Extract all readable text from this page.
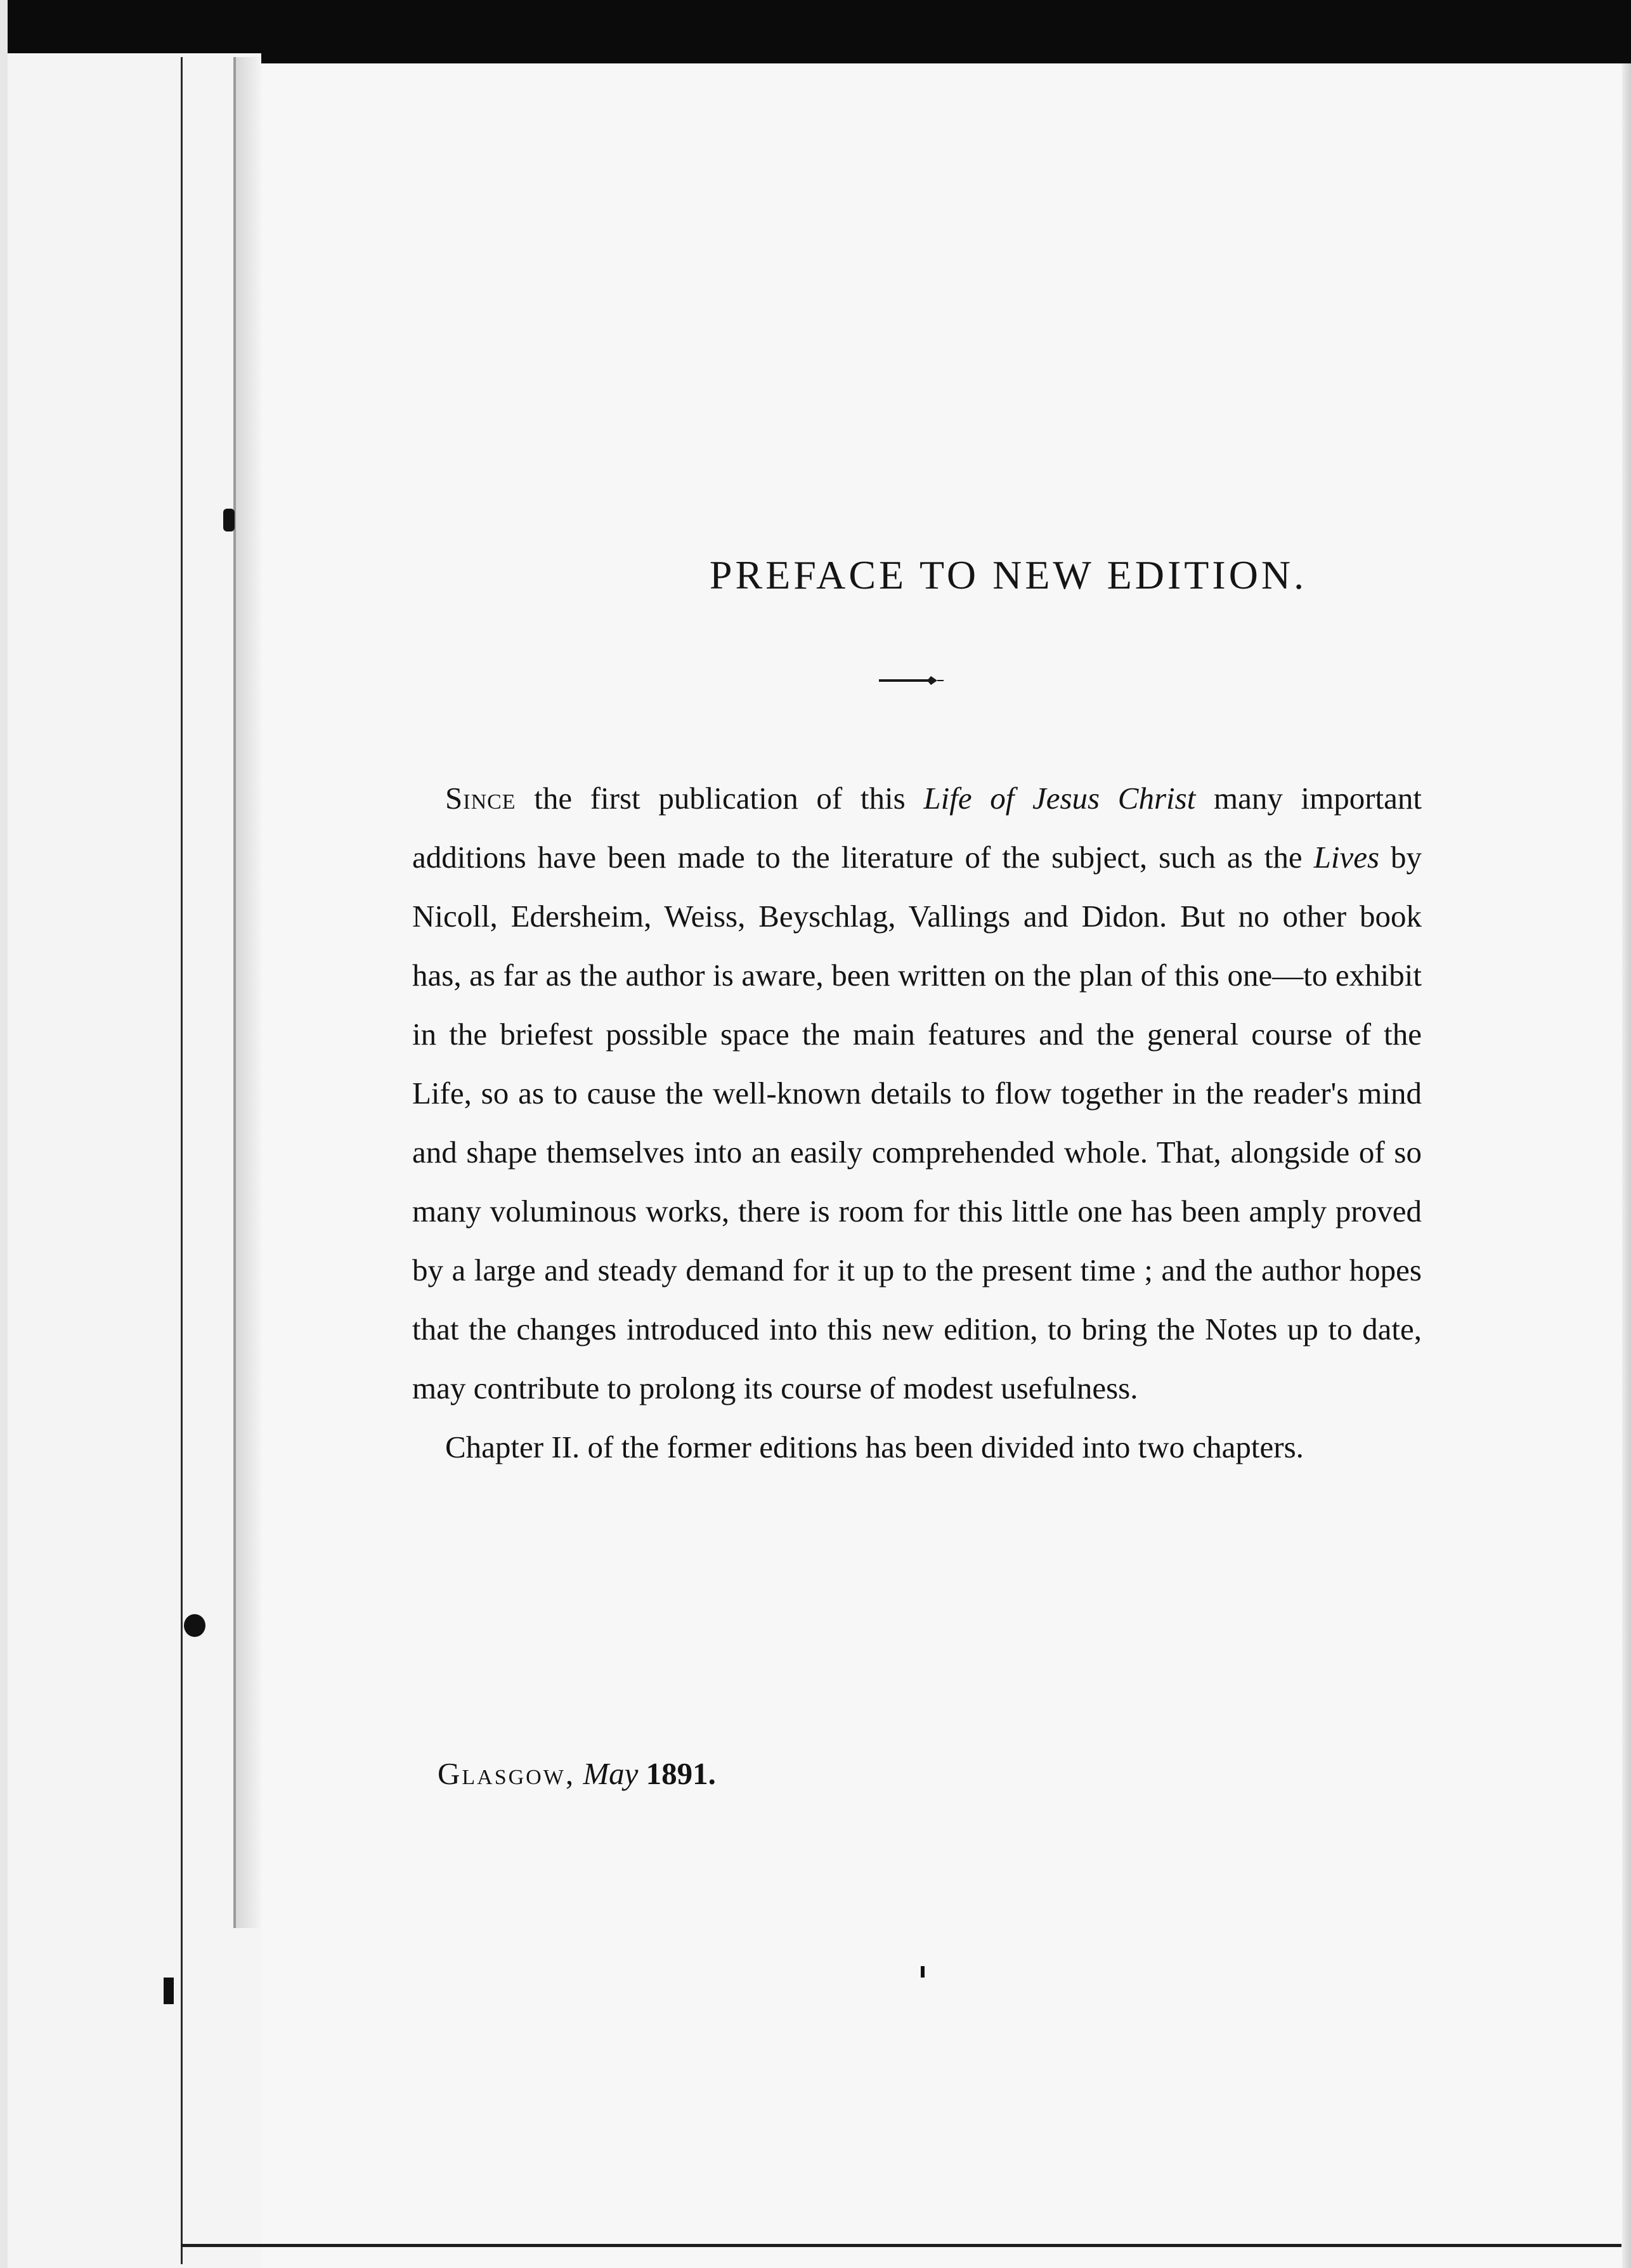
PREFACE TO NEW EDITION.

Since the first publication of this Life of Jesus Christ many important additions have been made to the literature of the subject, such as the Lives by Nicoll, Edersheim, Weiss, Beyschlag, Vallings and Didon. But no other book has, as far as the author is aware, been written on the plan of this one—to exhibit in the briefest possible space the main features and the general course of the Life, so as to cause the well-known details to flow together in the reader's mind and shape themselves into an easily comprehended whole. That, alongside of so many voluminous works, there is room for this little one has been amply proved by a large and steady demand for it up to the present time ; and the author hopes that the changes introduced into this new edition, to bring the Notes up to date, may contribute to prolong its course of modest usefulness.

Chapter II. of the former editions has been divided into two chapters.

Glasgow, May 1891.
